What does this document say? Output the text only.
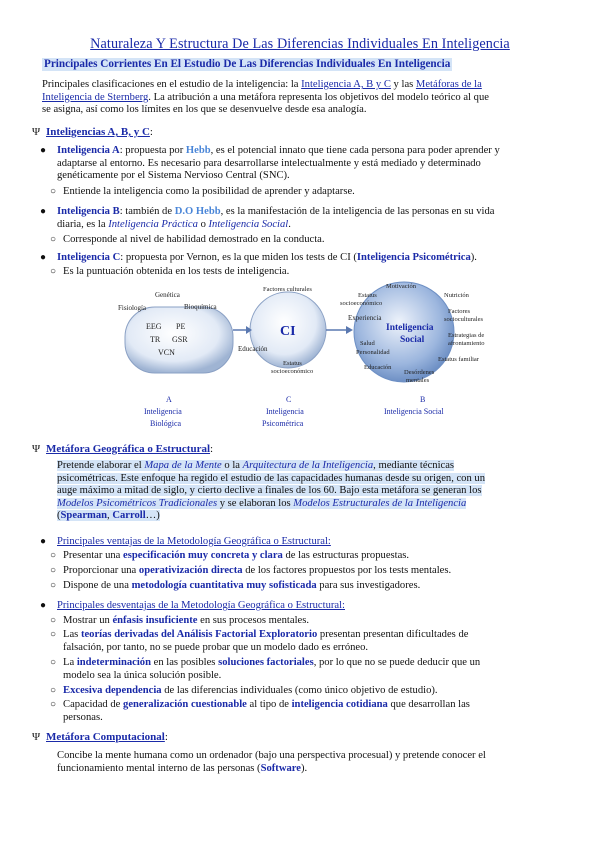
Naturaleza Y Estructura De Las Diferencias Individuales En Inteligencia
Principales Corrientes En El Estudio De Las Diferencias Individuales En Inteligencia
Principales clasificaciones en el estudio de la inteligencia: la Inteligencia A, B y C y las Metáforas de la
Inteligencia de Sternberg. La atribución a una metáfora representa los objetivos del modelo teórico al que
se asigna, así como los límites en los que se desenvuelve desde esa analogía.
Ψ Inteligencias A, B, y C:
● Inteligencia A: propuesta por Hebb, es el potencial innato que tiene cada persona para poder aprender y
adaptarse al entorno. Es necesario para desarrollarse intelectualmente y está mediado y determinado
genéticamente por el Sistema Nervioso Central (SNC).
○ Entiende la inteligencia como la posibilidad de aprender y adaptarse.
● Inteligencia B: también de D.O Hebb, es la manifestación de la inteligencia de las personas en su vida
diaria, es la Inteligencia Práctica o Inteligencia Social.
○ Corresponde al nivel de habilidad demostrado en la conducta.
● Inteligencia C: propuesta por Vernon, es la que miden los tests de CI (Inteligencia Psicométrica).
○ Es la puntuación obtenida en los tests de inteligencia.
Genética
Fisiología	Bioquímica
EEG PE
TR GSR
VCN
Factores culturales
CI
Educación
Estatus
socioeconómico
Motivación
Estatus
socioeconómico
Nutrición
Factores
socioculturales
Experiencia
Inteligencia
Social
Salud
Personalidad
Estrategias de
afrontamiento
Estatus familiar
Educación
Desórdenes
mentales
A
Inteligencia
Biológica
C
Inteligencia
Psicométrica
B
Inteligencia Social
Ψ Metáfora Geográfica o Estructural:
Pretende elaborar el Mapa de la Mente o la Arquitectura de la Inteligencia, mediante técnicas
psicométricas. Este enfoque ha regido el estudio de las capacidades humanas desde su origen, con un
auge máximo a mitad de siglo, y cierto declive a finales de los 60. Bajo esta metáfora se generan los
Modelos Psicométricos Tradicionales y se elaboran los Modelos Estructurales de la Inteligencia
(Spearman, Carroll…)
● Principales ventajas de la Metodología Geográfica o Estructural:
○ Presentar una especificación muy concreta y clara de las estructuras propuestas.
○ Proporcionar una operativización directa de los factores propuestos por los tests mentales.
○ Dispone de una metodología cuantitativa muy sofisticada para sus investigadores.
● Principales desventajas de la Metodología Geográfica o Estructural:
○ Mostrar un énfasis insuficiente en sus procesos mentales.
○ Las teorías derivadas del Análisis Factorial Exploratorio presentan presentan dificultades de
falsación, por tanto, no se puede probar que un modelo dado es erróneo.
○ La indeterminación en las posibles soluciones factoriales, por lo que no se puede deducir que un
modelo sea la única solución posible.
○ Excesiva dependencia de las diferencias individuales (como único objetivo de estudio).
○ Capacidad de generalización cuestionable al tipo de inteligencia cotidiana que desarrollan las
personas.
Ψ Metáfora Computacional:
Concibe la mente humana como un ordenador (bajo una perspectiva procesual) y pretende conocer el
funcionamiento mental interno de las personas (Software).
